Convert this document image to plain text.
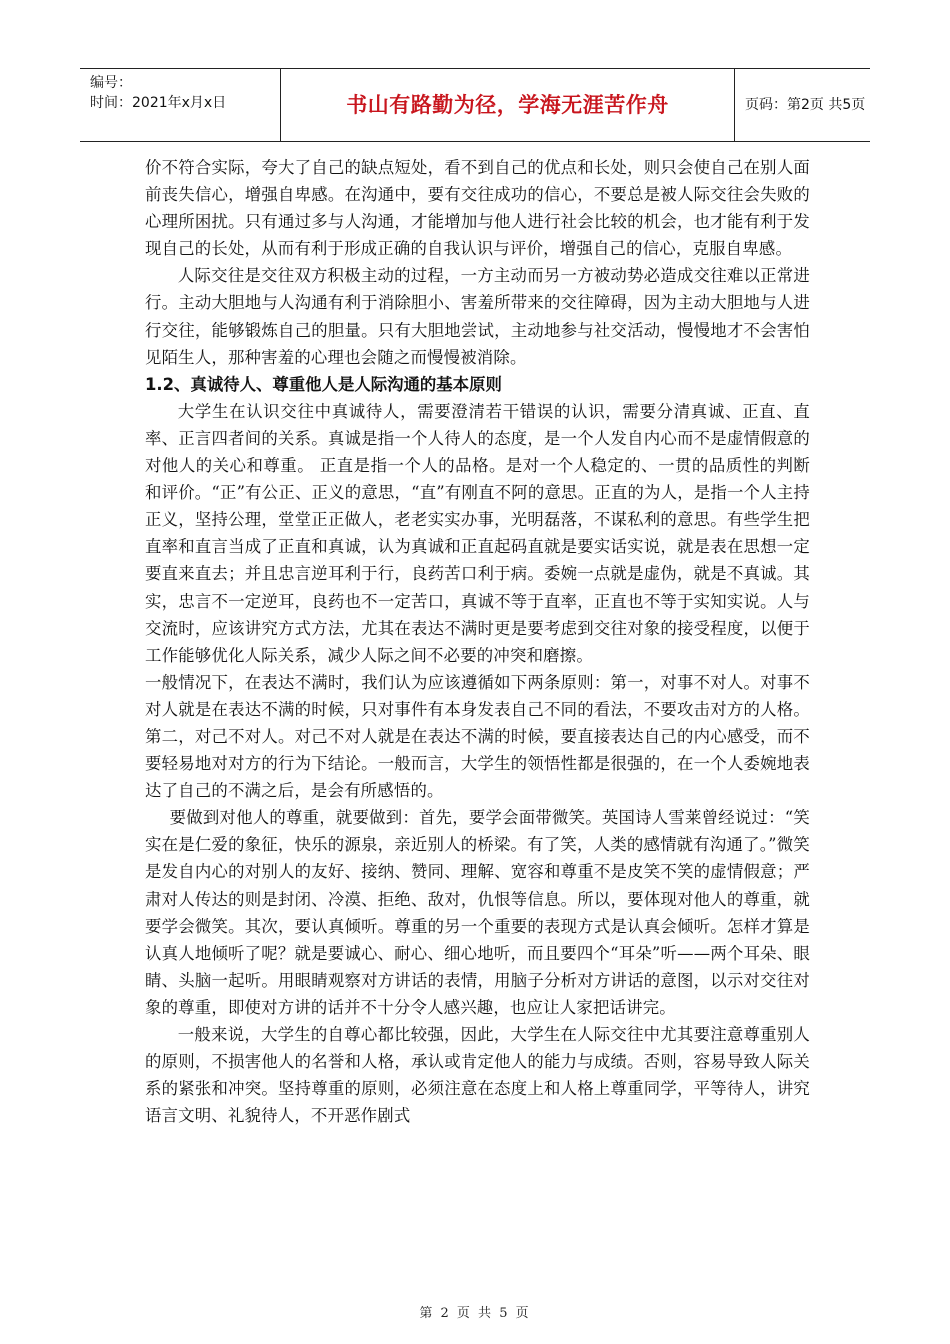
编号：
时间：2021年x月x日	书山有路勤为径，学海无涯苦作舟	页码：第2页 共5页

价不符合实际，夸大了自己的缺点短处，看不到自己的优点和长处，则只会使自己在别人面前丧失信心，增强自卑感。在沟通中，要有交往成功的信心，不要总是被人际交往会失败的心理所困扰。只有通过多与人沟通，才能增加与他人进行社会比较的机会，也才能有利于发现自己的长处，从而有利于形成正确的自我认识与评价，增强自己的信心，克服自卑感。

人际交往是交往双方积极主动的过程，一方主动而另一方被动势必造成交往难以正常进行。主动大胆地与人沟通有利于消除胆小、害羞所带来的交往障碍，因为主动大胆地与人进行交往，能够锻炼自己的胆量。只有大胆地尝试，主动地参与社交活动，慢慢地才不会害怕见陌生人，那种害羞的心理也会随之而慢慢被消除。

1.2、真诚待人、尊重他人是人际沟通的基本原则

大学生在认识交往中真诚待人，需要澄清若干错误的认识，需要分清真诚、正直、直率、正言四者间的关系。真诚是指一个人待人的态度，是一个人发自内心而不是虚情假意的对他人的关心和尊重。 正直是指一个人的品格。是对一个人稳定的、一贯的品质性的判断和评价。“正”有公正、正义的意思，“直”有刚直不阿的意思。正直的为人，是指一个人主持正义，坚持公理，堂堂正正做人，老老实实办事，光明磊落，不谋私利的意思。有些学生把直率和直言当成了正直和真诚，认为真诚和正直起码直就是要实话实说，就是表在思想一定要直来直去；并且忠言逆耳利于行，良药苦口利于病。委婉一点就是虚伪，就是不真诚。其实，忠言不一定逆耳，良药也不一定苦口，真诚不等于直率，正直也不等于实知实说。人与交流时，应该讲究方式方法，尤其在表达不满时更是要考虑到交往对象的接受程度，以便于工作能够优化人际关系，减少人际之间不必要的冲突和磨擦。

一般情况下，在表达不满时，我们认为应该遵循如下两条原则：第一，对事不对人。对事不对人就是在表达不满的时候，只对事件有本身发表自己不同的看法，不要攻击对方的人格。第二，对己不对人。对己不对人就是在表达不满的时候，要直接表达自己的内心感受，而不要轻易地对对方的行为下结论。一般而言，大学生的领悟性都是很强的，在一个人委婉地表达了自己的不满之后，是会有所感悟的。

要做到对他人的尊重，就要做到：首先，要学会面带微笑。英国诗人雪莱曾经说过：“笑实在是仁爱的象征，快乐的源泉，亲近别人的桥梁。有了笑，人类的感情就有沟通了。”微笑是发自内心的对别人的友好、接纳、赞同、理解、宽容和尊重不是皮笑不笑的虚情假意；严肃对人传达的则是封闭、冷漠、拒绝、敌对，仇恨等信息。所以，要体现对他人的尊重，就要学会微笑。其次，要认真倾听。尊重的另一个重要的表现方式是认真会倾听。怎样才算是认真人地倾听了呢？就是要诚心、耐心、细心地听，而且要四个“耳朵”听——两个耳朵、眼睛、头脑一起听。用眼睛观察对方讲话的表情，用脑子分析对方讲话的意图，以示对交往对象的尊重，即使对方讲的话并不十分令人感兴趣，也应让人家把话讲完。

一般来说，大学生的自尊心都比较强，因此，大学生在人际交往中尤其要注意尊重别人的原则，不损害他人的名誉和人格，承认或肯定他人的能力与成绩。否则，容易导致人际关系的紧张和冲突。坚持尊重的原则，必须注意在态度上和人格上尊重同学，平等待人，讲究语言文明、礼貌待人，不开恶作剧式

第 2 页 共 5 页
